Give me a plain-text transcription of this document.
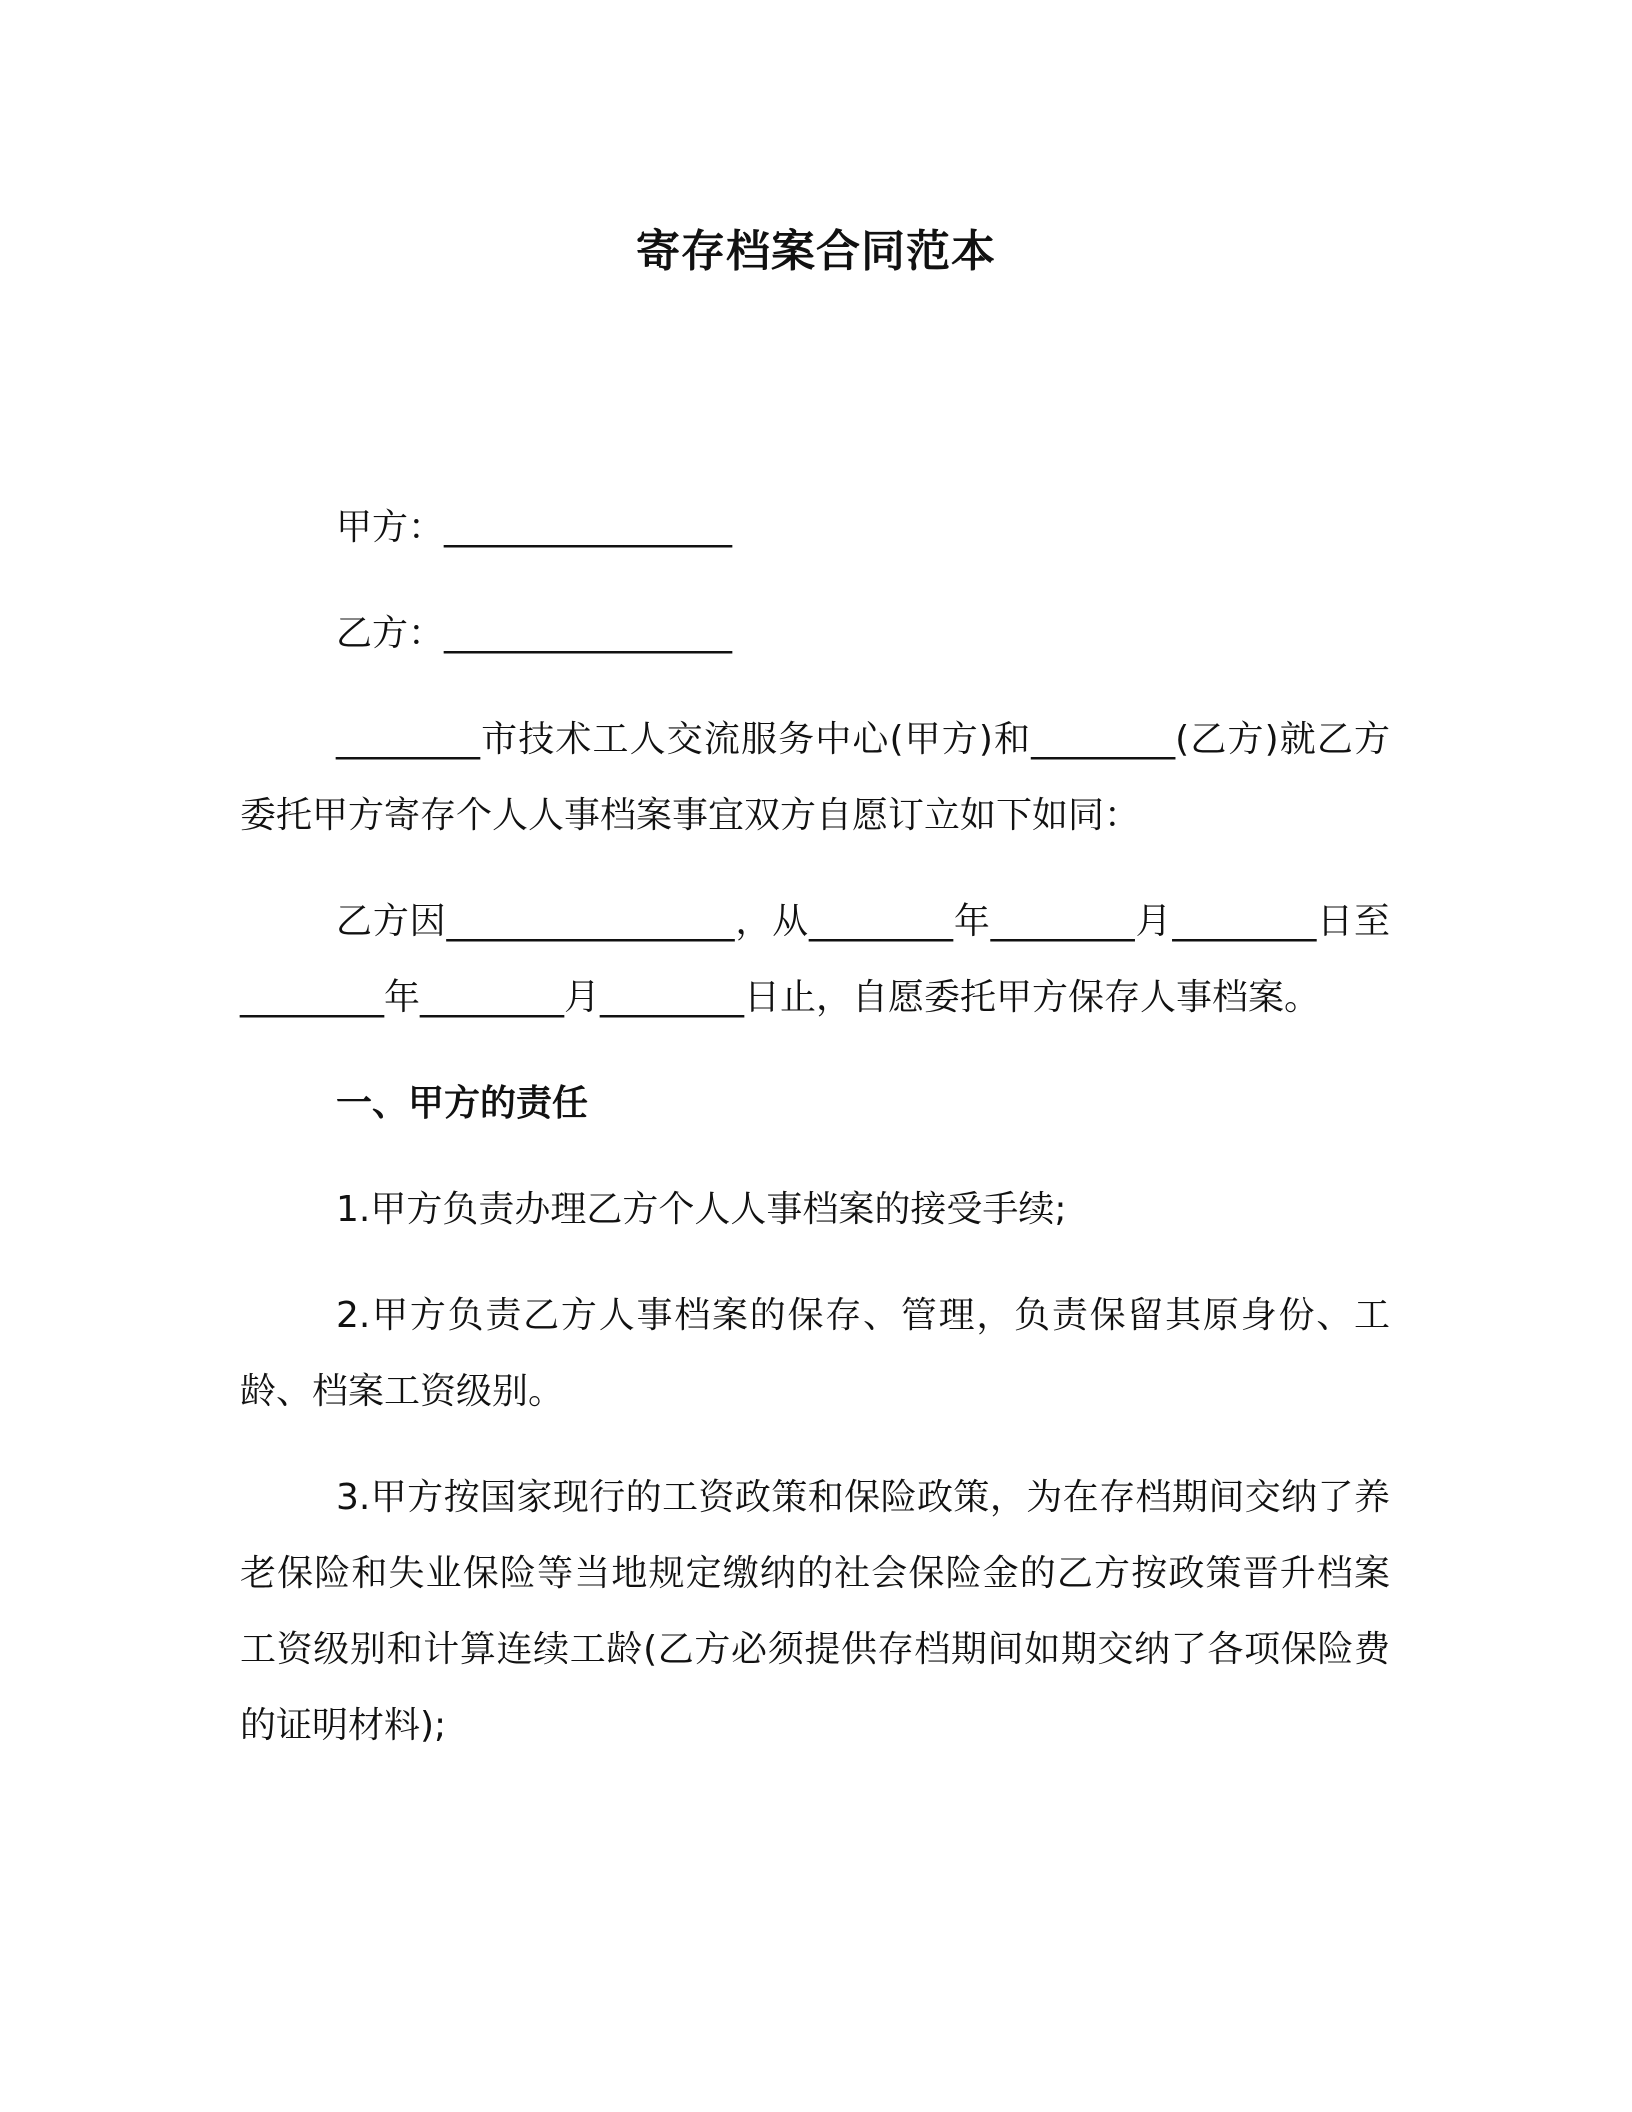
寄存档案合同范本

甲方：________________

乙方：________________

________市技术工人交流服务中心(甲方)和________(乙方)就乙方委托甲方寄存个人人事档案事宜双方自愿订立如下如同：

乙方因________________，从________年________月________日至________年________月________日止，自愿委托甲方保存人事档案。

一、甲方的责任

1.甲方负责办理乙方个人人事档案的接受手续;

2.甲方负责乙方人事档案的保存、管理，负责保留其原身份、工龄、档案工资级别。

3.甲方按国家现行的工资政策和保险政策，为在存档期间交纳了养老保险和失业保险等当地规定缴纳的社会保险金的乙方按政策晋升档案工资级别和计算连续工龄(乙方必须提供存档期间如期交纳了各项保险费的证明材料);
